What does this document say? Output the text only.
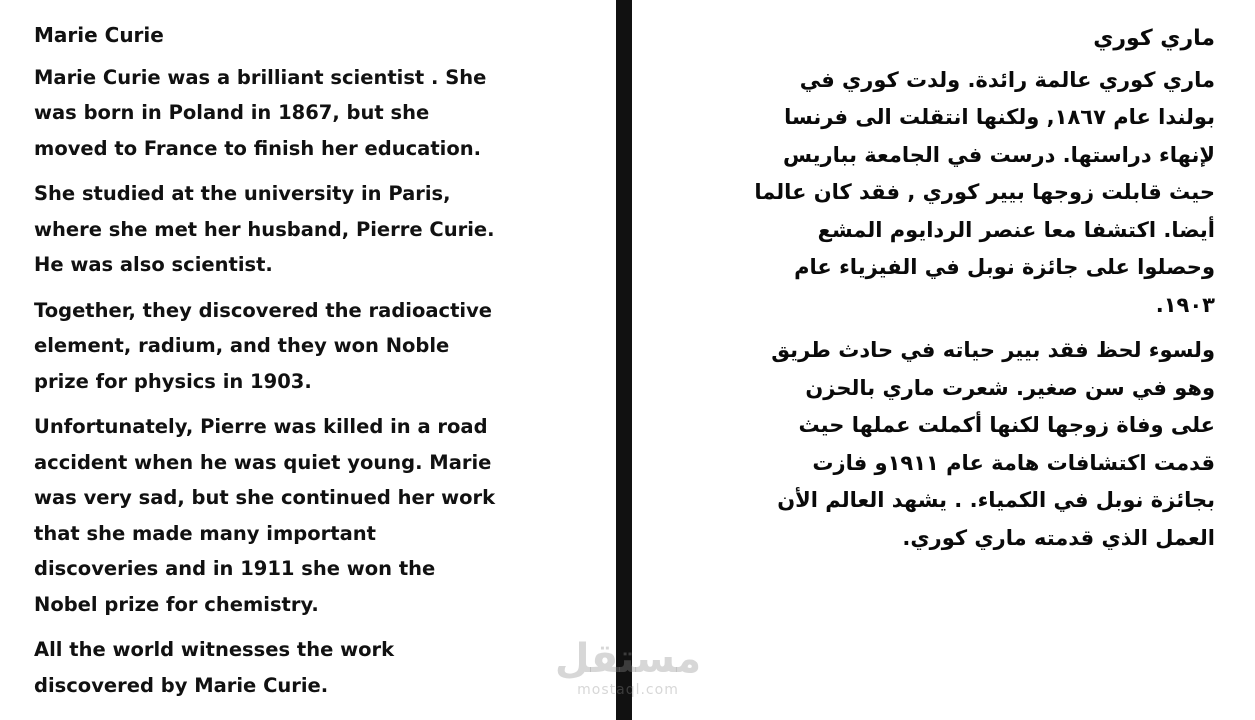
Marie Curie

Marie Curie was a brilliant scientist . She
was born in Poland in 1867, but she
moved to France to finish her education.

She studied at the university in Paris,
where she met her husband, Pierre Curie.
He was also scientist.

Together, they discovered the radioactive
element, radium, and they won Noble
prize for physics in 1903.

Unfortunately, Pierre was killed in a road
accident when he was quiet young. Marie
was very sad, but she continued her work
that she made many important
discoveries and in 1911 she won the
Nobel prize for chemistry.

All the world witnesses the work
discovered by Marie Curie.

ماري كوري

ماري كوري عالمة رائدة. ولدت كوري في
بولندا عام ١٨٦٧, ولكنها انتقلت الى فرنسا
لإنهاء دراستها. درست في الجامعة بباريس
حيث قابلت زوجها بيير كوري , فقد كان عالما
أيضا. اكتشفا معا عنصر الردايوم المشع
وحصلوا على جائزة نوبل في الفيزياء عام
١٩٠٣.

ولسوء لحظ فقد بيير حياته في حادث طريق
وهو في سن صغير. شعرت ماري بالحزن
على وفاة زوجها لكنها أكملت عملها حيث
قدمت اكتشافات هامة عام ١٩١١و فازت
بجائزة نوبل في الكمياء. . يشهد العالم الأن
العمل الذي قدمته ماري كوري.

مستقل
mostaql.com
